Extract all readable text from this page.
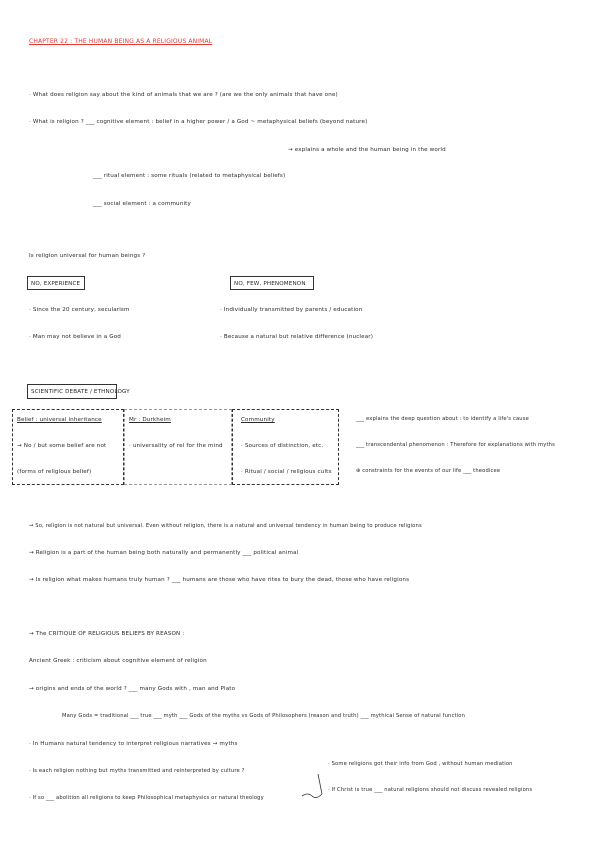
CHAPTER 22 : THE HUMAN BEING AS A RELIGIOUS ANIMAL
· What does religion say about the kind of animals that we are ? (are we the only animals that have one)
· What is religion ? ___ cognitive element : belief in a higher power / a God ~ metaphysical beliefs (beyond nature)
⇝ explains a whole and the human being in the world
___ ritual element : some rituals (related to metaphysical beliefs)
___ social element : a community
Is religion universal for human beings ?
NO, EXPERIENCE	NO, FEW, PHENOMENON
· Since the 20 century, secularism	· Individually transmitted by parents / education
· Man may not believe in a God	· Because a natural but relative difference (nuclear)
SCIENTIFIC DEBATE / ETHNOLOGY
Belief : universal inheritance
→ No / but some belief are not
(forms of religious belief)
Mr : Durkheim
· universality of rel for the mind
Community
· Sources of distinction, etc.
· Ritual / social / religious cults
___ explains the deep question about : to identify a life's cause
___ transcendental phenomenon : Therefore for explanations with myths
⊕ constraints for the events of our life ___ theodicee
⇝ So, religion is not natural but universal. Even without religion, there is a natural and universal tendency in human being to produce religions
⇝ Religion is a part of the human being both naturally and permanently ___ political animal
⇝ Is religion what makes humans truly human ? ___ humans are those who have rites to bury the dead, those who have religions
⇝ The CRITIQUE OF RELIGIOUS BELIEFS BY REASON :
Ancient Greek : criticism about cognitive element of religion
→ origins and ends of the world ? ___ many Gods with , man and Plato
Many Gods = traditional ___ true ___ myth ___ Gods of the myths vs Gods of Philosophers (reason and truth) ___ mythical Sense of natural function
· In Humans natural tendency to interpret religious narratives → myths
· Is each religion nothing but myths transmitted and reinterpreted by culture ?
· If so ___ abolition all religions to keep Philosophical metaphysics or natural theology
· Some religions got their info from God , without human mediation
· If Christ is true ___ natural religions should not discuss revealed religions
